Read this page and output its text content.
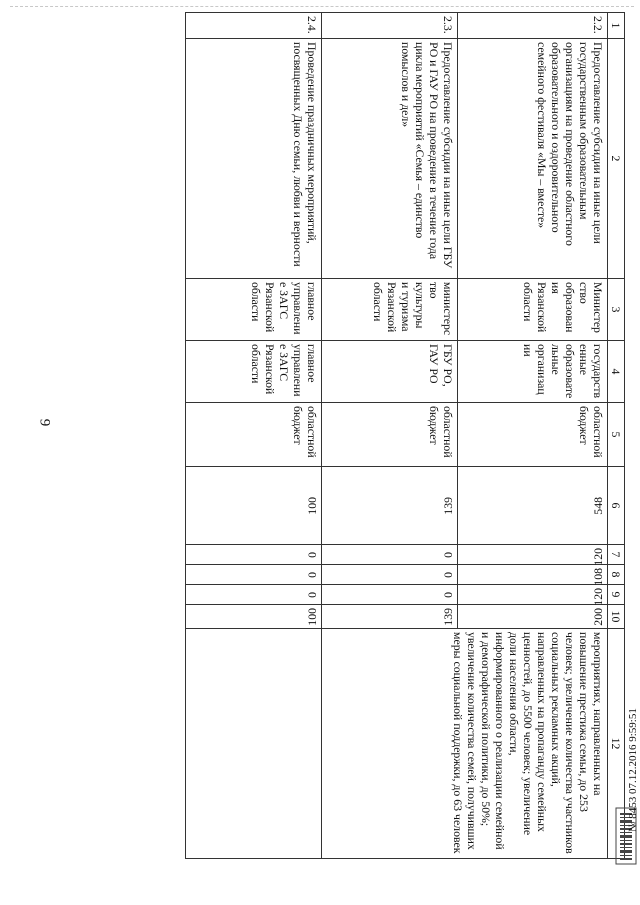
9
1	2	3	4	5	6	7	8	9	10	12
2.2.	Предоставление субсидии на иные цели государственным образовательным организациям на проведение областного образовательного и оздоровительного семейного фестиваля «Мы – вместе»	Министерство образования Рязанской области	государственные образовательные организации	областной бюджет	548	120	108	120	200	мероприятиях, направленных на повышение престижа семьи, до 253 человек; увеличение количества участников социальных рекламных акций, направленных на пропаганду семейных ценностей, до 5500 человек; увеличение доли населения области, информированного о реализации семейной и демографической политики, до 50%; увеличение количества семей, получивших меры социальной поддержки, до 63 человек
2.3.	Предоставление субсидии на иные цели ГБУ РО и ГАУ РО на проведение в течение года цикла мероприятий «Семья – единство помыслов и дел»	министерство культуры и туризма Рязанской области	ГБУ РО, ГАУ РО	областной бюджет	139	0	0	0	139	
2.4.	Проведение праздничных мероприятий, посвященных Дню семьи, любви и верности	главное управление ЗАГС Рязанской области	главное управление ЗАГС Рязанской области	областной бюджет	100	0	0	0	100	
№ 8453 07.12.2016 9:59:51
